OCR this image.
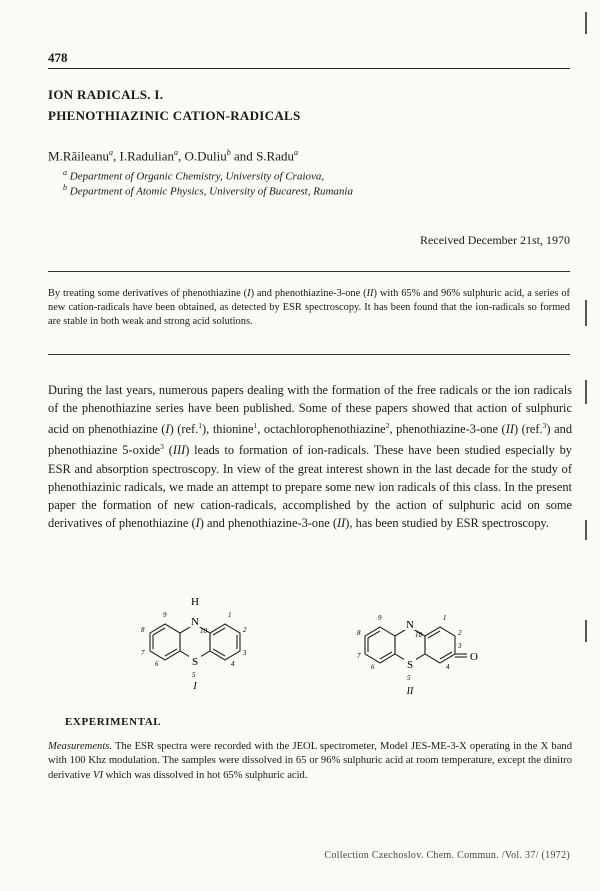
478
ION RADICALS. I.
PHENOTHIAZINIC CATION-RADICALS
M.Răileanu$^a$, I.Radulian$^a$, O.Duliu$^b$ and S.Radu$^a$
$^a$ Department of Organic Chemistry, University of Craiova,
$^b$ Department of Atomic Physics, University of Bucarest, Rumania
Received December 21st, 1970
By treating some derivatives of phenothiazine (I) and phenothiazine-3-one (II) with 65% and 96% sulphuric acid, a series of new cation-radicals have been obtained, as detected by ESR spectroscopy. It has been found that the ion-radicals so formed are stable in both weak and strong acid solutions.
During the last years, numerous papers dealing with the formation of the free radicals or the ion radicals of the phenothiazine series have been published. Some of these papers showed that action of sulphuric acid on phenothiazine (I) (ref.$^1$), thionine$^1$, octachlorophenothiazine$^2$, phenothiazine-3-one (II) (ref.$^3$) and phenothiazine 5-oxide$^3$ (III) leads to formation of ion-radicals. These have been studied especially by ESR and absorption spectroscopy. In view of the great interest shown in the last decade for the study of phenothiazinic radicals, we made an attempt to prepare some new ion radicals of this class. In the present paper the formation of new cation-radicals, accomplished by the action of sulphuric acid on some derivatives of phenothiazine (I) and phenothiazine-3-one (II), has been studied by ESR spectroscopy.
H
N
S
9
10
1
8	2
7	3
6
5
4
I
N
S
O
9
10
1
8	2
7
3
6
5
4
II
EXPERIMENTAL
Measurements. The ESR spectra were recorded with the JEOL spectrometer, Model JES-ME-3-X operating in the X band with 100 Khz modulation. The samples were dissolved in 65 or 96% sulphuric acid at room temperature, except the dinitro derivative VI which was dissolved in hot 65% sulphuric acid.
Collection Czechoslov. Chem. Commun. /Vol. 37/ (1972)
